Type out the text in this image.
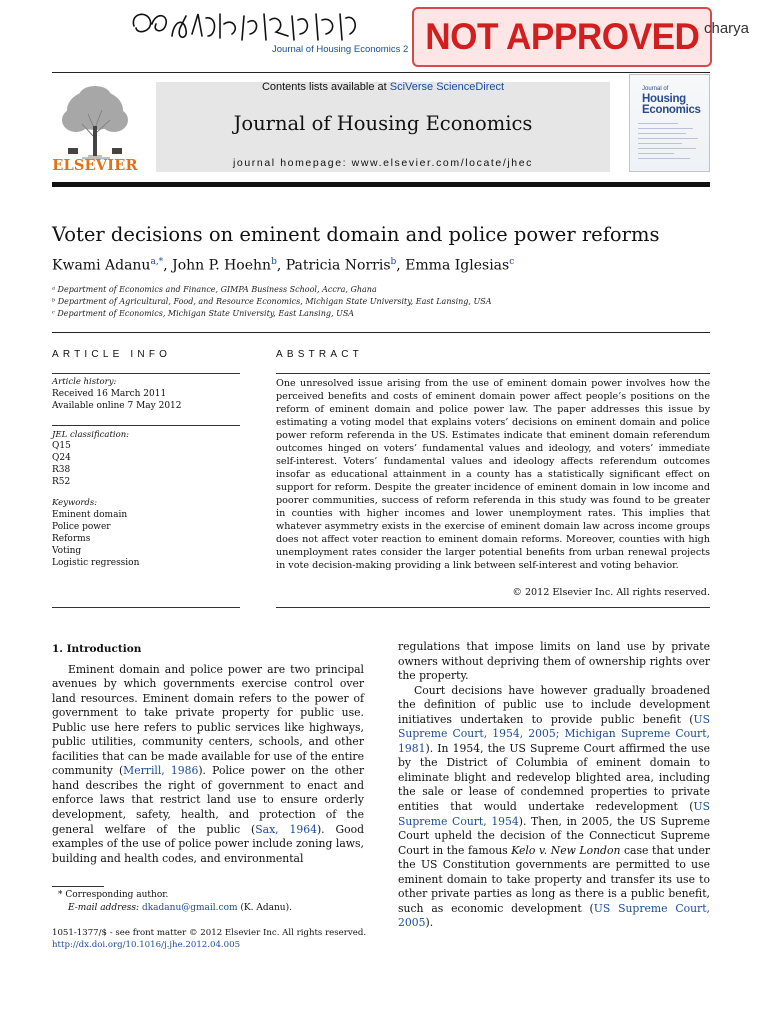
Journal of Housing Economics 2 NOT APPROVED charya
ELSEVIER
Contents lists available at SciVerse ScienceDirect
Journal of Housing Economics
journal homepage: www.elsevier.com/locate/jhec
Journal of
Housing
Economics
Voter decisions on eminent domain and police power reforms
Kwami Adanu$^{a,*}$, John P. Hoehn$^b$, Patricia Norris$^b$, Emma Iglesias$^c$
ᵃ Department of Economics and Finance, GIMPA Business School, Accra, Ghana
ᵇ Department of Agricultural, Food, and Resource Economics, Michigan State University, East Lansing, USA
ᶜ Department of Economics, Michigan State University, East Lansing, USA
ARTICLE INFO	ABSTRACT
Article history:
Received 16 March 2011
Available online 7 May 2012
JEL classification:
Q15
Q24
R38
R52
Keywords:
Eminent domain
Police power
Reforms
Voting
Logistic regression
One unresolved issue arising from the use of eminent domain power involves how the perceived benefits and costs of eminent domain power affect people’s positions on the reform of eminent domain and police power law. The paper addresses this issue by estimating a voting model that explains voters’ decisions on eminent domain and police power reform referenda in the US. Estimates indicate that eminent domain referendum outcomes hinged on voters’ fundamental values and ideology, and voters’ immediate self-interest. Voters’ fundamental values and ideology affects referendum outcomes insofar as educational attainment in a county has a statistically significant effect on support for reform. Despite the greater incidence of eminent domain in low income and poorer communities, success of reform referenda in this study was found to be greater in counties with higher incomes and lower unemployment rates. This implies that whatever asymmetry exists in the exercise of eminent domain law across income groups does not affect voter reaction to eminent domain reforms. Moreover, counties with high unemployment rates consider the larger potential benefits from urban renewal projects in vote decision-making providing a link between self-interest and voting behavior.
© 2012 Elsevier Inc. All rights reserved.
1. Introduction

Eminent domain and police power are two principal avenues by which governments exercise control over land resources. Eminent domain refers to the power of government to take private property for public use. Public use here refers to public services like highways, public utilities, community centers, schools, and other facilities that can be made available for use of the entire community (Merrill, 1986). Police power on the other hand describes the right of government to enact and enforce laws that restrict land use to ensure orderly development, safety, health, and protection of the general welfare of the public (Sax, 1964). Good examples of the use of police power include zoning laws, building and health codes, and environmental

regulations that impose limits on land use by private owners without depriving them of ownership rights over the property.

Court decisions have however gradually broadened the definition of public use to include development initiatives undertaken to provide public benefit (US Supreme Court, 1954, 2005; Michigan Supreme Court, 1981). In 1954, the US Supreme Court affirmed the use by the District of Columbia of eminent domain to eliminate blight and redevelop blighted area, including the sale or lease of condemned properties to private entities that would undertake redevelopment (US Supreme Court, 1954). Then, in 2005, the US Supreme Court upheld the decision of the Connecticut Supreme Court in the famous Kelo v. New London case that under the US Constitution governments are permitted to use eminent domain to take property and transfer its use to other private parties as long as there is a public benefit, such as economic development (US Supreme Court, 2005).

* Corresponding author.
E-mail address: dkadanu@gmail.com (K. Adanu).
1051-1377/$ - see front matter © 2012 Elsevier Inc. All rights reserved.
http://dx.doi.org/10.1016/j.jhe.2012.04.005
